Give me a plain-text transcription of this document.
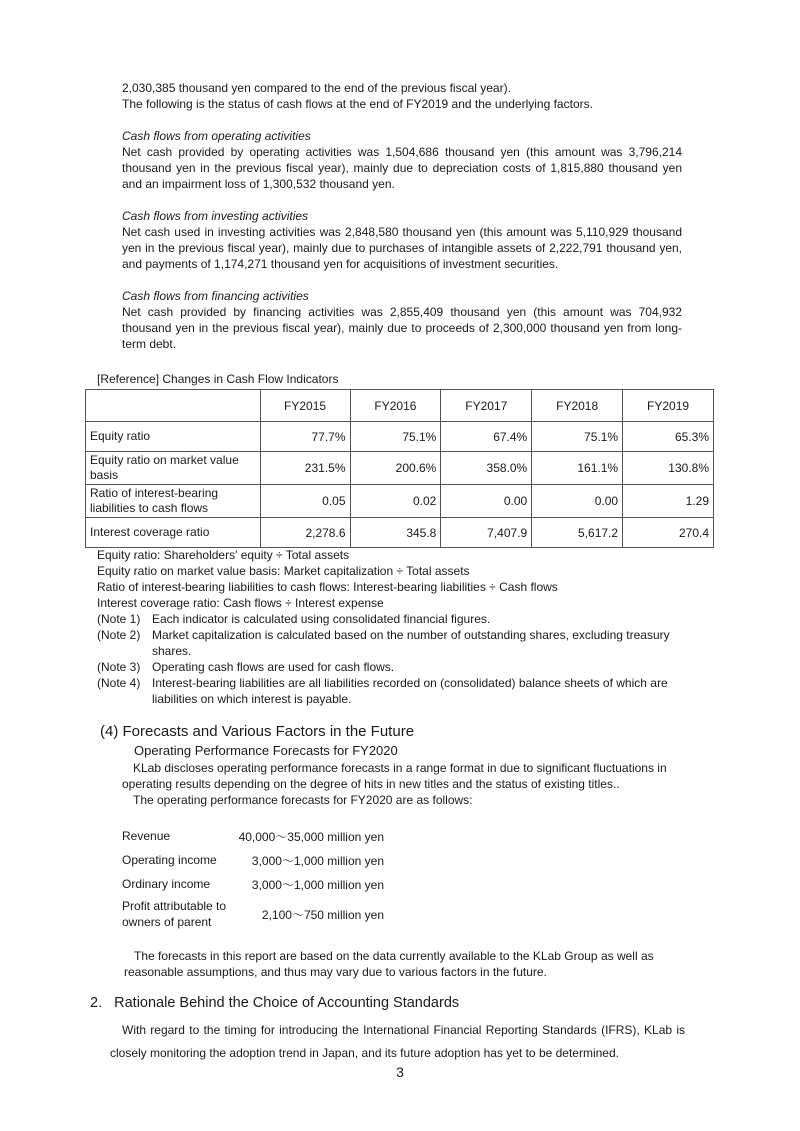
2,030,385 thousand yen compared to the end of the previous fiscal year).

The following is the status of cash flows at the end of FY2019 and the underlying factors.

Cash flows from operating activities

Net cash provided by operating activities was 1,504,686 thousand yen (this amount was 3,796,214 thousand yen in the previous fiscal year), mainly due to depreciation costs of 1,815,880 thousand yen and an impairment loss of 1,300,532 thousand yen.

Cash flows from investing activities

Net cash used in investing activities was 2,848,580 thousand yen (this amount was 5,110,929 thousand yen in the previous fiscal year), mainly due to purchases of intangible assets of 2,222,791 thousand yen, and payments of 1,174,271 thousand yen for acquisitions of investment securities.

Cash flows from financing activities

Net cash provided by financing activities was 2,855,409 thousand yen (this amount was 704,932 thousand yen in the previous fiscal year), mainly due to proceeds of 2,300,000 thousand yen from long-term debt.

[Reference] Changes in Cash Flow Indicators
	FY2015	FY2016	FY2017	FY2018	FY2019
Equity ratio	77.7%	75.1%	67.4%	75.1%	65.3%
Equity ratio on market value basis	231.5%	200.6%	358.0%	161.1%	130.8%
Ratio of interest-bearing liabilities to cash flows	0.05	0.02	0.00	0.00	1.29
Interest coverage ratio	2,278.6	345.8	7,407.9	5,617.2	270.4

Equity ratio: Shareholders' equity ÷ Total assets

Equity ratio on market value basis: Market capitalization ÷ Total assets

Ratio of interest-bearing liabilities to cash flows: Interest-bearing liabilities ÷ Cash flows

Interest coverage ratio: Cash flows ÷ Interest expense

(Note 1) Each indicator is calculated using consolidated financial figures.
(Note 2) Market capitalization is calculated based on the number of outstanding shares, excluding treasury shares.
(Note 3) Operating cash flows are used for cash flows.
(Note 4) Interest-bearing liabilities are all liabilities recorded on (consolidated) balance sheets of which are liabilities on which interest is payable.
(4) Forecasts and Various Factors in the Future
Operating Performance Forecasts for FY2020

KLab discloses operating performance forecasts in a range format in due to significant fluctuations in operating results depending on the degree of hits in new titles and the status of existing titles..

The operating performance forecasts for FY2020 are as follows:

Revenue	40,000～35,000 million yen
Operating income	3,000～1,000 million yen
Ordinary income	3,000～1,000 million yen
Profit attributable to owners of parent	2,100～750 million yen

The forecasts in this report are based on the data currently available to the KLab Group as well as reasonable assumptions, and thus may vary due to various factors in the future.

2. Rationale Behind the Choice of Accounting Standards
With regard to the timing for introducing the International Financial Reporting Standards (IFRS), KLab is closely monitoring the adoption trend in Japan, and its future adoption has yet to be determined.
3
